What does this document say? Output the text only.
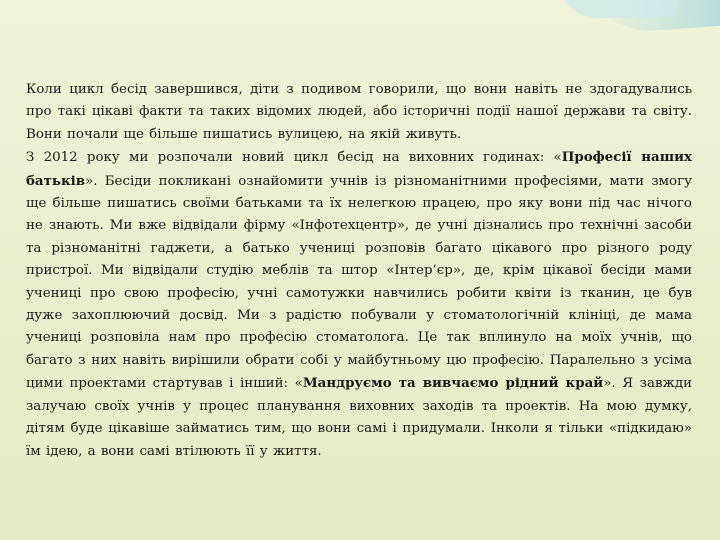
Коли цикл бесід завершився, діти з подивом говорили, що вони навіть не здогадувались про такі цікаві факти та таких відомих людей, або історичні події нашої держави та світу. Вони почали ще більше пишатись вулицею, на якій живуть.

З 2012 року ми розпочали новий цикл бесід на виховних годинах: «Професії наших батьків». Бесіди покликані ознайомити учнів із різноманітними професіями, мати змогу ще більше пишатись своїми батьками та їх нелегкою працею, про яку вони під час нічого не знають. Ми вже відвідали фірму «Інфотехцентр», де учні дізнались про технічні засоби та різноманітні гаджети, а батько учениці розповів багато цікавого про різного роду пристрої. Ми відвідали студію меблів та штор «Інтер’єр», де, крім цікавої бесіди мами учениці про свою професію, учні самотужки навчились робити квіти із тканин, це був дуже захоплюючий досвід. Ми з радістю побували у стоматологічній клініці, де мама учениці розповіла нам про професію стоматолога. Це так вплинуло на моїх учнів, що багато з них навіть вирішили обрати собі у майбутньому цю професію. Паралельно з усіма цими проектами стартував і інший: «Мандруємо та вивчаємо рідний край». Я завжди залучаю своїх учнів у процес планування виховних заходів та проектів. На мою думку, дітям буде цікавіше займатись тим, що вони самі і придумали. Інколи я тільки «підкидаю» їм ідею, а вони самі втілюють її у життя.
